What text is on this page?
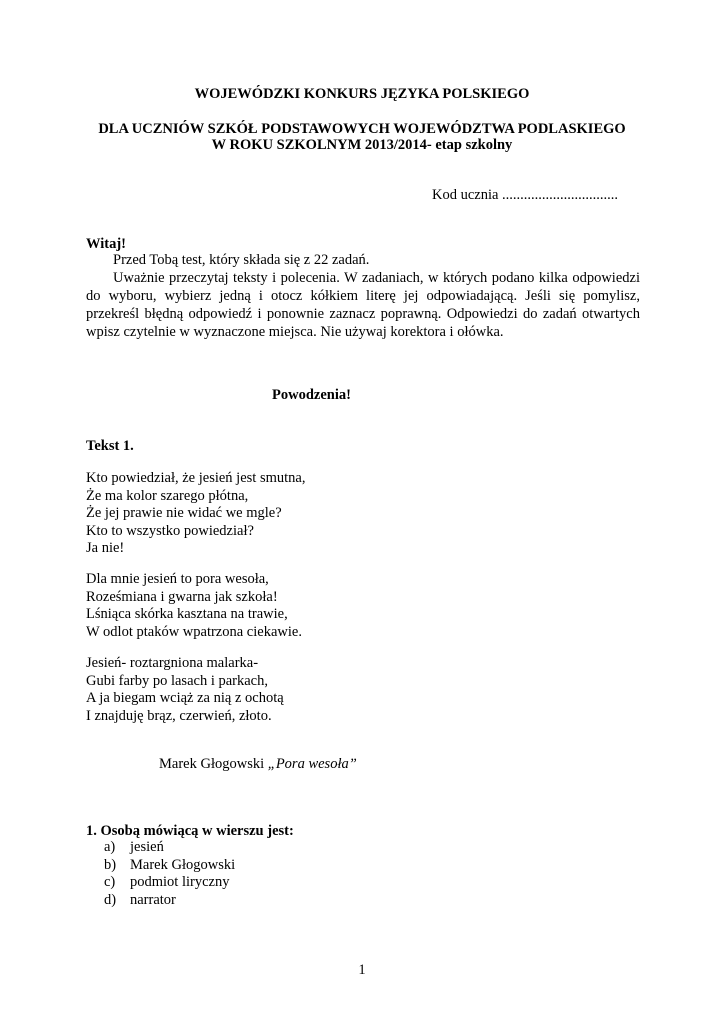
WOJEWÓDZKI KONKURS JĘZYKA POLSKIEGO
DLA UCZNIÓW SZKÓŁ PODSTAWOWYCH WOJEWÓDZTWA PODLASKIEGO
W ROKU SZKOLNYM 2013/2014- etap szkolny
Kod ucznia ................................
Witaj!
Przed Tobą test, który składa się z 22 zadań.
Uważnie przeczytaj teksty i polecenia. W zadaniach, w których podano kilka odpowiedzi
do wyboru, wybierz jedną i otocz kółkiem literę jej odpowiadającą. Jeśli się pomylisz,
przekreśl błędną odpowiedź i ponownie zaznacz poprawną. Odpowiedzi do zadań otwartych
wpisz czytelnie w wyznaczone miejsca. Nie używaj korektora i ołówka.
Powodzenia!
Tekst 1.
Kto powiedział, że jesień jest smutna,
Że ma kolor szarego płótna,
Że jej prawie nie widać we mgle?
Kto to wszystko powiedział?
Ja nie!
Dla mnie jesień to pora wesoła,
Roześmiana i gwarna jak szkoła!
Lśniąca skórka kasztana na trawie,
W odlot ptaków wpatrzona ciekawie.
Jesień- roztargniona malarka-
Gubi farby po lasach i parkach,
A ja biegam wciąż za nią z ochotą
I znajduję brąz, czerwień, złoto.
Marek Głogowski „Pora wesoła”
1. Osobą mówiącą w wierszu jest:
a) jesień
b) Marek Głogowski
c) podmiot liryczny
d) narrator
1
